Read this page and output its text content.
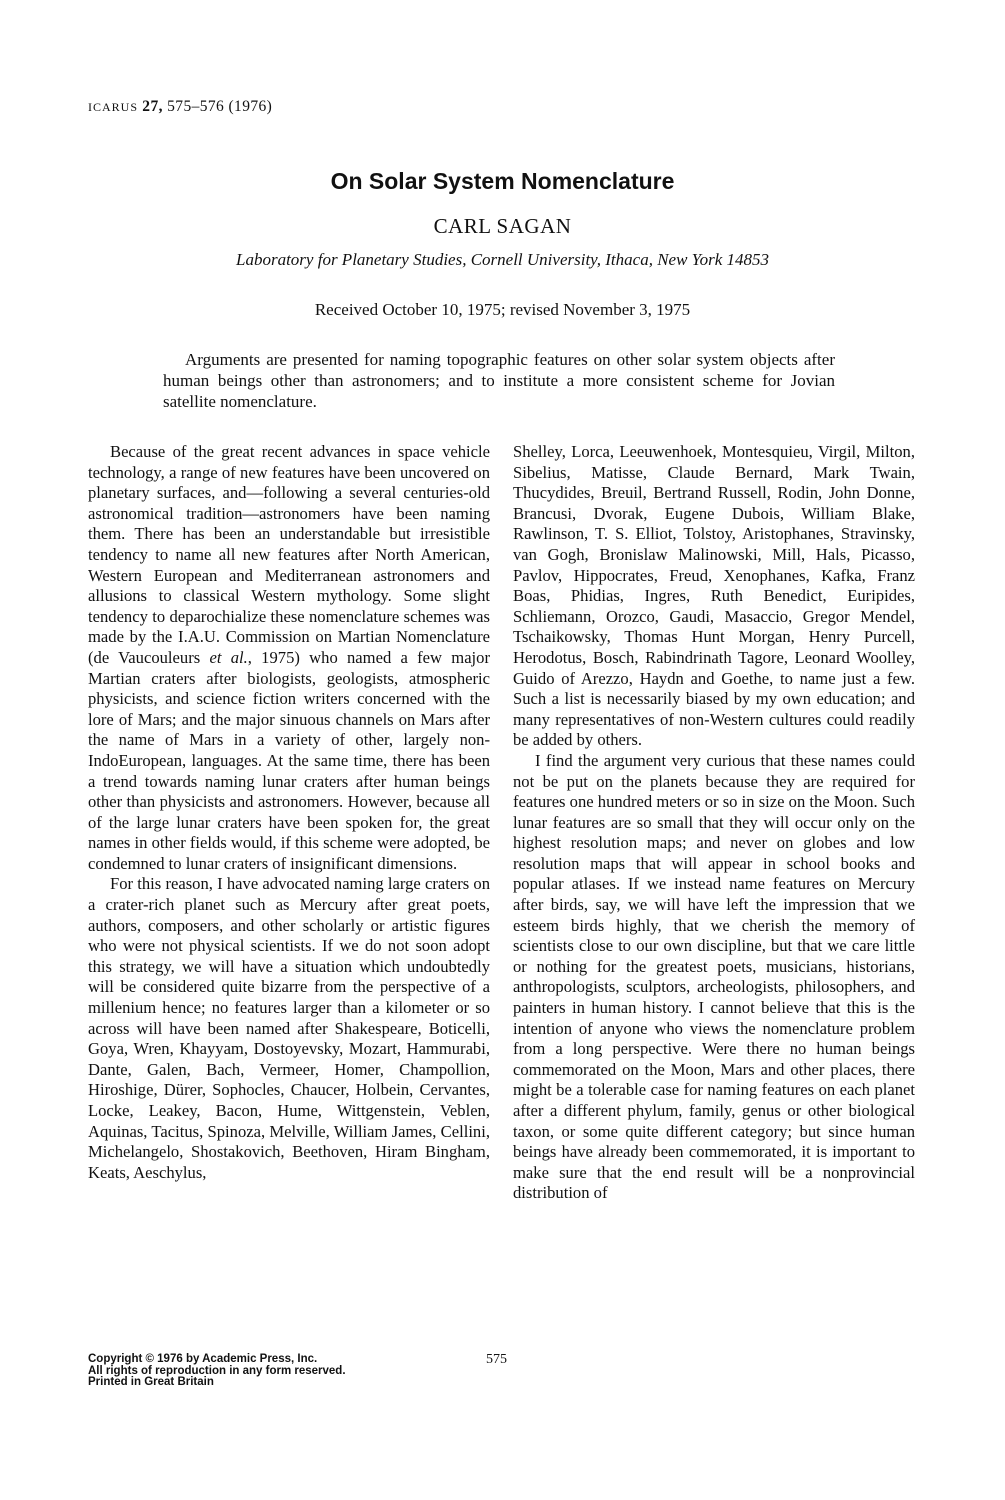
ICARUS 27, 575–576 (1976)
On Solar System Nomenclature
CARL SAGAN
Laboratory for Planetary Studies, Cornell University, Ithaca, New York 14853
Received October 10, 1975; revised November 3, 1975
Arguments are presented for naming topographic features on other solar system objects after human beings other than astronomers; and to institute a more consistent scheme for Jovian satellite nomenclature.

Because of the great recent advances in space vehicle technology, a range of new features have been uncovered on planetary surfaces, and—following a several centuries-old astronomical tradition—astronomers have been naming them. There has been an understandable but irresistible tendency to name all new features after North American, Western European and Mediterranean astronomers and allusions to classical Western mythology. Some slight tendency to deparochialize these nomenclature schemes was made by the I.A.U. Commission on Martian Nomenclature (de Vaucouleurs et al., 1975) who named a few major Martian craters after biologists, geologists, atmospheric physicists, and science fiction writers concerned with the lore of Mars; and the major sinuous channels on Mars after the name of Mars in a variety of other, largely non-IndoEuropean, languages. At the same time, there has been a trend towards naming lunar craters after human beings other than physicists and astronomers. However, because all of the large lunar craters have been spoken for, the great names in other fields would, if this scheme were adopted, be condemned to lunar craters of insignificant dimensions.

For this reason, I have advocated naming large craters on a crater-rich planet such as Mercury after great poets, authors, composers, and other scholarly or artistic figures who were not physical scientists. If we do not soon adopt this strategy, we will have a situation which undoubtedly will be considered quite bizarre from the perspective of a millenium hence; no features larger than a kilometer or so across will have been named after Shakespeare, Boticelli, Goya, Wren, Khayyam, Dostoyevsky, Mozart, Hammurabi, Dante, Galen, Bach, Vermeer, Homer, Champollion, Hiroshige, Dürer, Sophocles, Chaucer, Holbein, Cervantes, Locke, Leakey, Bacon, Hume, Wittgenstein, Veblen, Aquinas, Tacitus, Spinoza, Melville, William James, Cellini, Michelangelo, Shostakovich, Beethoven, Hiram Bingham, Keats, Aeschylus,

Shelley, Lorca, Leeuwenhoek, Montesquieu, Virgil, Milton, Sibelius, Matisse, Claude Bernard, Mark Twain, Thucydides, Breuil, Bertrand Russell, Rodin, John Donne, Brancusi, Dvorak, Eugene Dubois, William Blake, Rawlinson, T. S. Elliot, Tolstoy, Aristophanes, Stravinsky, van Gogh, Bronislaw Malinowski, Mill, Hals, Picasso, Pavlov, Hippocrates, Freud, Xenophanes, Kafka, Franz Boas, Phidias, Ingres, Ruth Benedict, Euripides, Schliemann, Orozco, Gaudi, Masaccio, Gregor Mendel, Tschaikowsky, Thomas Hunt Morgan, Henry Purcell, Herodotus, Bosch, Rabindrinath Tagore, Leonard Woolley, Guido of Arezzo, Haydn and Goethe, to name just a few. Such a list is necessarily biased by my own education; and many representatives of non-Western cultures could readily be added by others.

I find the argument very curious that these names could not be put on the planets because they are required for features one hundred meters or so in size on the Moon. Such lunar features are so small that they will occur only on the highest resolution maps; and never on globes and low resolution maps that will appear in school books and popular atlases. If we instead name features on Mercury after birds, say, we will have left the impression that we esteem birds highly, that we cherish the memory of scientists close to our own discipline, but that we care little or nothing for the greatest poets, musicians, historians, anthropologists, sculptors, archeologists, philosophers, and painters in human history. I cannot believe that this is the intention of anyone who views the nomenclature problem from a long perspective. Were there no human beings commemorated on the Moon, Mars and other places, there might be a tolerable case for naming features on each planet after a different phylum, family, genus or other biological taxon, or some quite different category; but since human beings have already been commemorated, it is important to make sure that the end result will be a nonprovincial distribution of

Copyright © 1976 by Academic Press, Inc.
All rights of reproduction in any form reserved.
Printed in Great Britain
575
